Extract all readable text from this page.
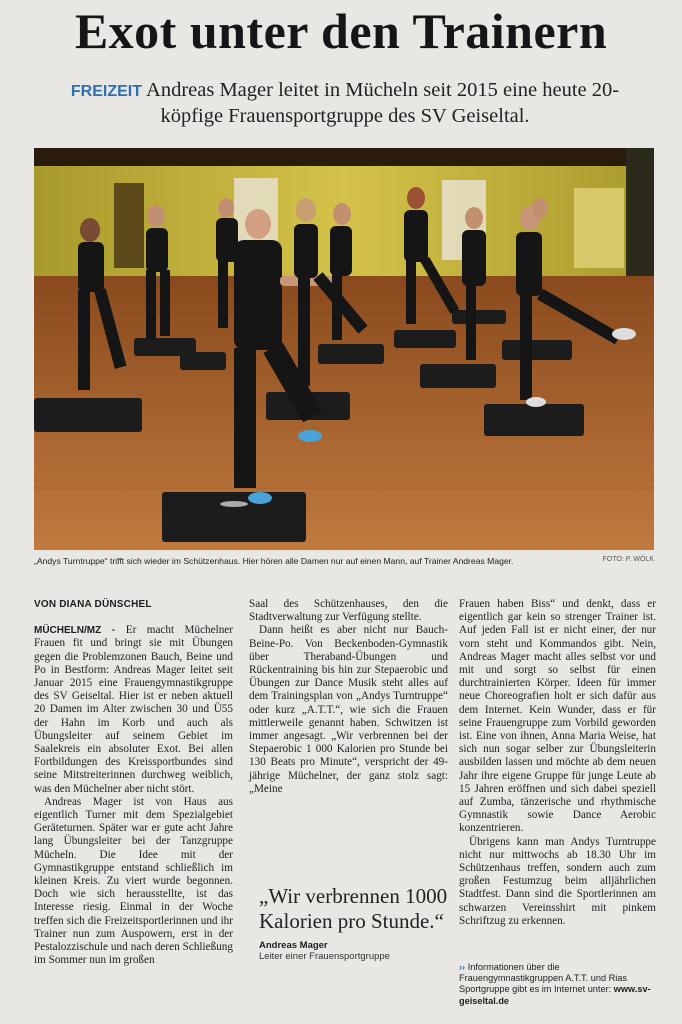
Exot unter den Trainern
FREIZEIT Andreas Mager leitet in Mücheln seit 2015 eine heute 20-köpfige Frauensportgruppe des SV Geiseltal.
„Andys Turntruppe“ trifft sich wieder im Schützenhaus. Hier hören alle Damen nur auf einen Mann, auf Trainer Andreas Mager.	FOTO: P. WÖLK
VON DIANA DÜNSCHEL

MÜCHELN/MZ - Er macht Müchelner Frauen fit und bringt sie mit Übungen gegen die Problemzonen Bauch, Beine und Po in Bestform: Andreas Mager leitet seit Januar 2015 eine Frauengymnastikgruppe des SV Geiseltal. Hier ist er neben aktuell 20 Damen im Alter zwischen 30 und Ü55 der Hahn im Korb und auch als Übungsleiter auf seinem Gebiet im Saalekreis ein absoluter Exot. Bei allen Fortbildungen des Kreissportbundes sind seine Mitstreiterinnen durchweg weiblich, was den Müchelner aber nicht stört.

Andreas Mager ist von Haus aus eigentlich Turner mit dem Spezialgebiet Geräteturnen. Später war er gute acht Jahre lang Übungsleiter bei der Tanzgruppe Mücheln. Die Idee mit der Gymnastikgruppe entstand schließlich im kleinen Kreis. Zu viert wurde begonnen. Doch wie sich herausstellte, ist das Interesse riesig. Einmal in der Woche treffen sich die Freizeitsportlerinnen und ihr Trainer nun zum Auspowern, erst in der Pestalozzischule und nach deren Schließung im Sommer nun im großen

Saal des Schützenhauses, den die Stadtverwaltung zur Verfügung stellte.

Dann heißt es aber nicht nur Bauch-Beine-Po. Von Beckenboden-Gymnastik über Theraband-Übungen und Rückentraining bis hin zur Stepaerobic und Übungen zur Dance Musik steht alles auf dem Trainingsplan von „Andys Turntruppe“ oder kurz „A.T.T.“, wie sich die Frauen mittlerweile genannt haben. Schwitzen ist immer angesagt. „Wir verbrennen bei der Stepaerobic 1 000 Kalorien pro Stunde bei 130 Beats pro Minute“, verspricht der 49-jährige Müchelner, der ganz stolz sagt: „Meine

„Wir verbrennen 1000 Kalorien pro Stunde.“
Andreas Mager
Leiter einer Frauensportgruppe

Frauen haben Biss“ und denkt, dass er eigentlich gar kein so strenger Trainer ist. Auf jeden Fall ist er nicht einer, der nur vorn steht und Kommandos gibt. Nein, Andreas Mager macht alles selbst vor und mit und sorgt so selbst für einen durchtrainierten Körper. Ideen für immer neue Choreografien holt er sich dafür aus dem Internet. Kein Wunder, dass er für seine Frauengruppe zum Vorbild geworden ist. Eine von ihnen, Anna Maria Weise, hat sich nun sogar selber zur Übungsleiterin ausbilden lassen und möchte ab dem neuen Jahr ihre eigene Gruppe für junge Leute ab 15 Jahren eröffnen und sich dabei speziell auf Zumba, tänzerische und rhythmische Gymnastik sowie Dance Aerobic konzentrieren.

Übrigens kann man Andys Turntruppe nicht nur mittwochs ab 18.30 Uhr im Schützenhaus treffen, sondern auch zum großen Festumzug beim alljährlichen Stadtfest. Dann sind die Sportlerinnen am schwarzen Vereinsshirt mit pinkem Schriftzug zu erkennen.

›› Informationen über die Frauengymnastikgruppen A.T.T. und Rias Sportgruppe gibt es im Internet unter: www.sv-geiseltal.de
